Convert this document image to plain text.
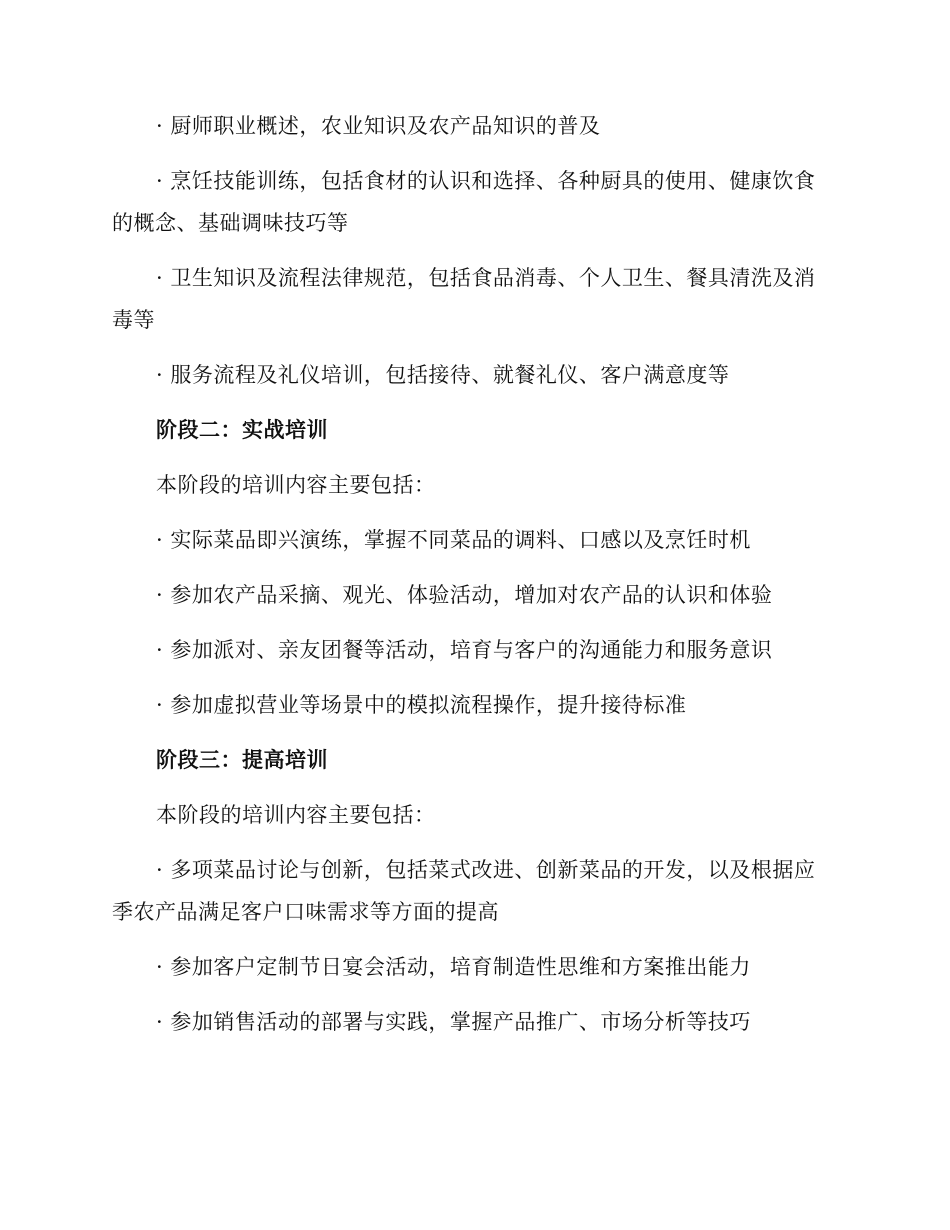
· 厨师职业概述，农业知识及农产品知识的普及

· 烹饪技能训练，包括食材的认识和选择、各种厨具的使用、健康饮食的概念、基础调味技巧等

· 卫生知识及流程法律规范，包括食品消毒、个人卫生、餐具清洗及消毒等

· 服务流程及礼仪培训，包括接待、就餐礼仪、客户满意度等

阶段二：实战培训

本阶段的培训内容主要包括：

· 实际菜品即兴演练，掌握不同菜品的调料、口感以及烹饪时机

· 参加农产品采摘、观光、体验活动，增加对农产品的认识和体验

· 参加派对、亲友团餐等活动，培育与客户的沟通能力和服务意识

· 参加虚拟营业等场景中的模拟流程操作，提升接待标准

阶段三：提高培训

本阶段的培训内容主要包括：

· 多项菜品讨论与创新，包括菜式改进、创新菜品的开发，以及根据应季农产品满足客户口味需求等方面的提高

· 参加客户定制节日宴会活动，培育制造性思维和方案推出能力

· 参加销售活动的部署与实践，掌握产品推广、市场分析等技巧
